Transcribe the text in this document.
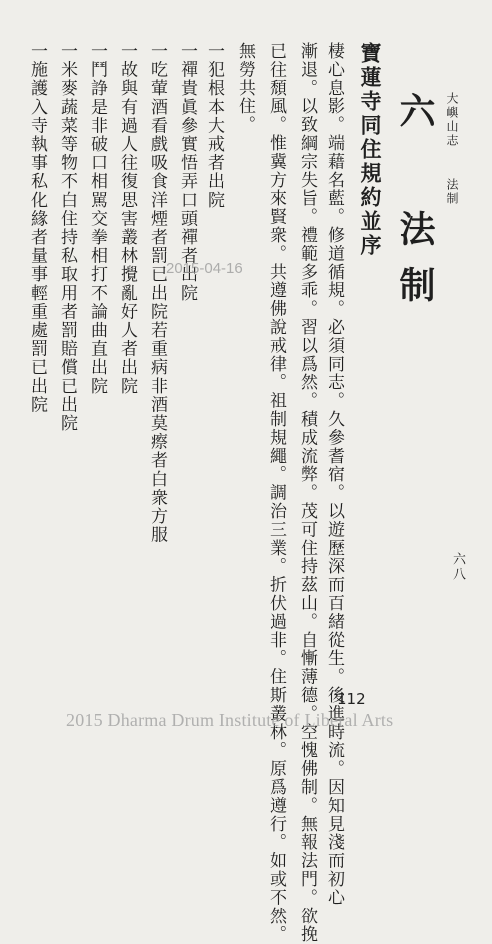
大嶼山志
法制
六 法制
寶蓮寺同住規約並序
棲心息影。端藉名藍。修道循規。必須同志。久參耆宿。以遊歷深而百緒從生。後進時流。因知見淺而初心
漸退。以致綱宗失旨。禮範多乖。習以爲然。積成流弊。茂可住持茲山。自慚薄德。空愧佛制。無報法門。欲挽
已往頹風。惟冀方來賢衆。共遵佛說戒律。祖制規繩。調治三業。折伏過非。住斯叢林。原爲遵行。如或不然。
無勞共住。
一犯根本大戒者出院
一禪貴眞參實悟弄口頭禪者出院
一吃葷酒看戲吸食洋煙者罰已出院若重病非酒莫瘵者白衆方服
一故與有過人往復思害叢林攪亂好人者出院
一鬥諍是非破口相駡交拳相打不論曲直出院
一米麥蔬菜等物不白住持私取用者罰賠償已出院
一施護入寺執事私化緣者量事輕重處罰已出院
六八
112
2015-04-16
2015 Dharma Drum Institute of Liberal Arts
